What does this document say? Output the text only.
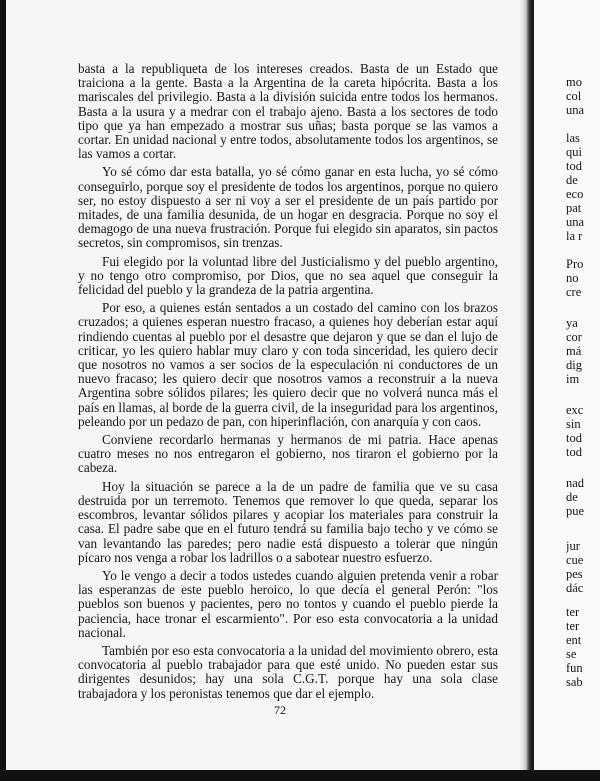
basta a la republiqueta de los intereses creados. Basta de un Estado que traiciona a la gente. Basta a la Argentina de la careta hipócrita. Basta a los mariscales del privilegio. Basta a la división suicida entre todos los hermanos. Basta a la usura y a medrar con el trabajo ajeno. Basta a los sectores de todo tipo que ya han empezado a mostrar sus uñas; basta porque se las vamos a cortar. En unidad nacional y entre todos, absolutamente todos los argentinos, se las vamos a cortar.

Yo sé cómo dar esta batalla, yo sé cómo ganar en esta lucha, yo sé cómo conseguirlo, porque soy el presidente de todos los argentinos, porque no quiero ser, no estoy dispuesto a ser ni voy a ser el presidente de un país partido por mitades, de una familia desunida, de un hogar en desgracia. Porque no soy el demagogo de una nueva frustración. Porque fui elegido sin aparatos, sin pactos secretos, sin compromisos, sin trenzas.

Fui elegido por la voluntad libre del Justicialismo y del pueblo argentino, y no tengo otro compromiso, por Dios, que no sea aquel que conseguir la felicidad del pueblo y la grandeza de la patria argentina.

Por eso, a quienes están sentados a un costado del camino con los brazos cruzados; a quienes esperan nuestro fracaso, a quienes hoy deberían estar aquí rindiendo cuentas al pueblo por el desastre que dejaron y que se dan el lujo de criticar, yo les quiero hablar muy claro y con toda sinceridad, les quiero decir que nosotros no vamos a ser socios de la especulación ni conductores de un nuevo fracaso; les quiero decir que nosotros vamos a reconstruir a la nueva Argentina sobre sólidos pilares; les quiero decir que no volverá nunca más el país en llamas, al borde de la guerra civil, de la inseguridad para los argentinos, peleando por un pedazo de pan, con hiperinflación, con anarquía y con caos.

Conviene recordarlo hermanas y hermanos de mi patria. Hace apenas cuatro meses no nos entregaron el gobierno, nos tiraron el gobierno por la cabeza.

Hoy la situación se parece a la de un padre de familia que ve su casa destruida por un terremoto. Tenemos que remover lo que queda, separar los escombros, levantar sólidos pilares y acopiar los materiales para construir la casa. El padre sabe que en el futuro tendrá su familia bajo techo y ve cómo se van levantando las paredes; pero nadie está dispuesto a tolerar que ningún pícaro nos venga a robar los ladrillos o a sabotear nuestro esfuerzo.

Yo le vengo a decir a todos ustedes cuando alguien pretenda venir a robar las esperanzas de este pueblo heroico, lo que decía el general Perón: "los pueblos son buenos y pacientes, pero no tontos y cuando el pueblo pierde la paciencia, hace tronar el escarmiento". Por eso esta convocatoria a la unidad nacional.

También por eso esta convocatoria a la unidad del movimiento obrero, esta convocatoria al pueblo trabajador para que esté unido. No pueden estar sus dirigentes desunidos; hay una sola C.G.T. porque hay una sola clase trabajadora y los peronistas tenemos que dar el ejemplo.

72
mo
col
una
las
qui
tod
de
eco
pat
una
la r
Pro
no
cre
ya
cor
má
dig
im
exc
sin
tod
tod
nad
de
pue
jur
cue
pes
dác
ter
ter
ent
se
fun
sab
